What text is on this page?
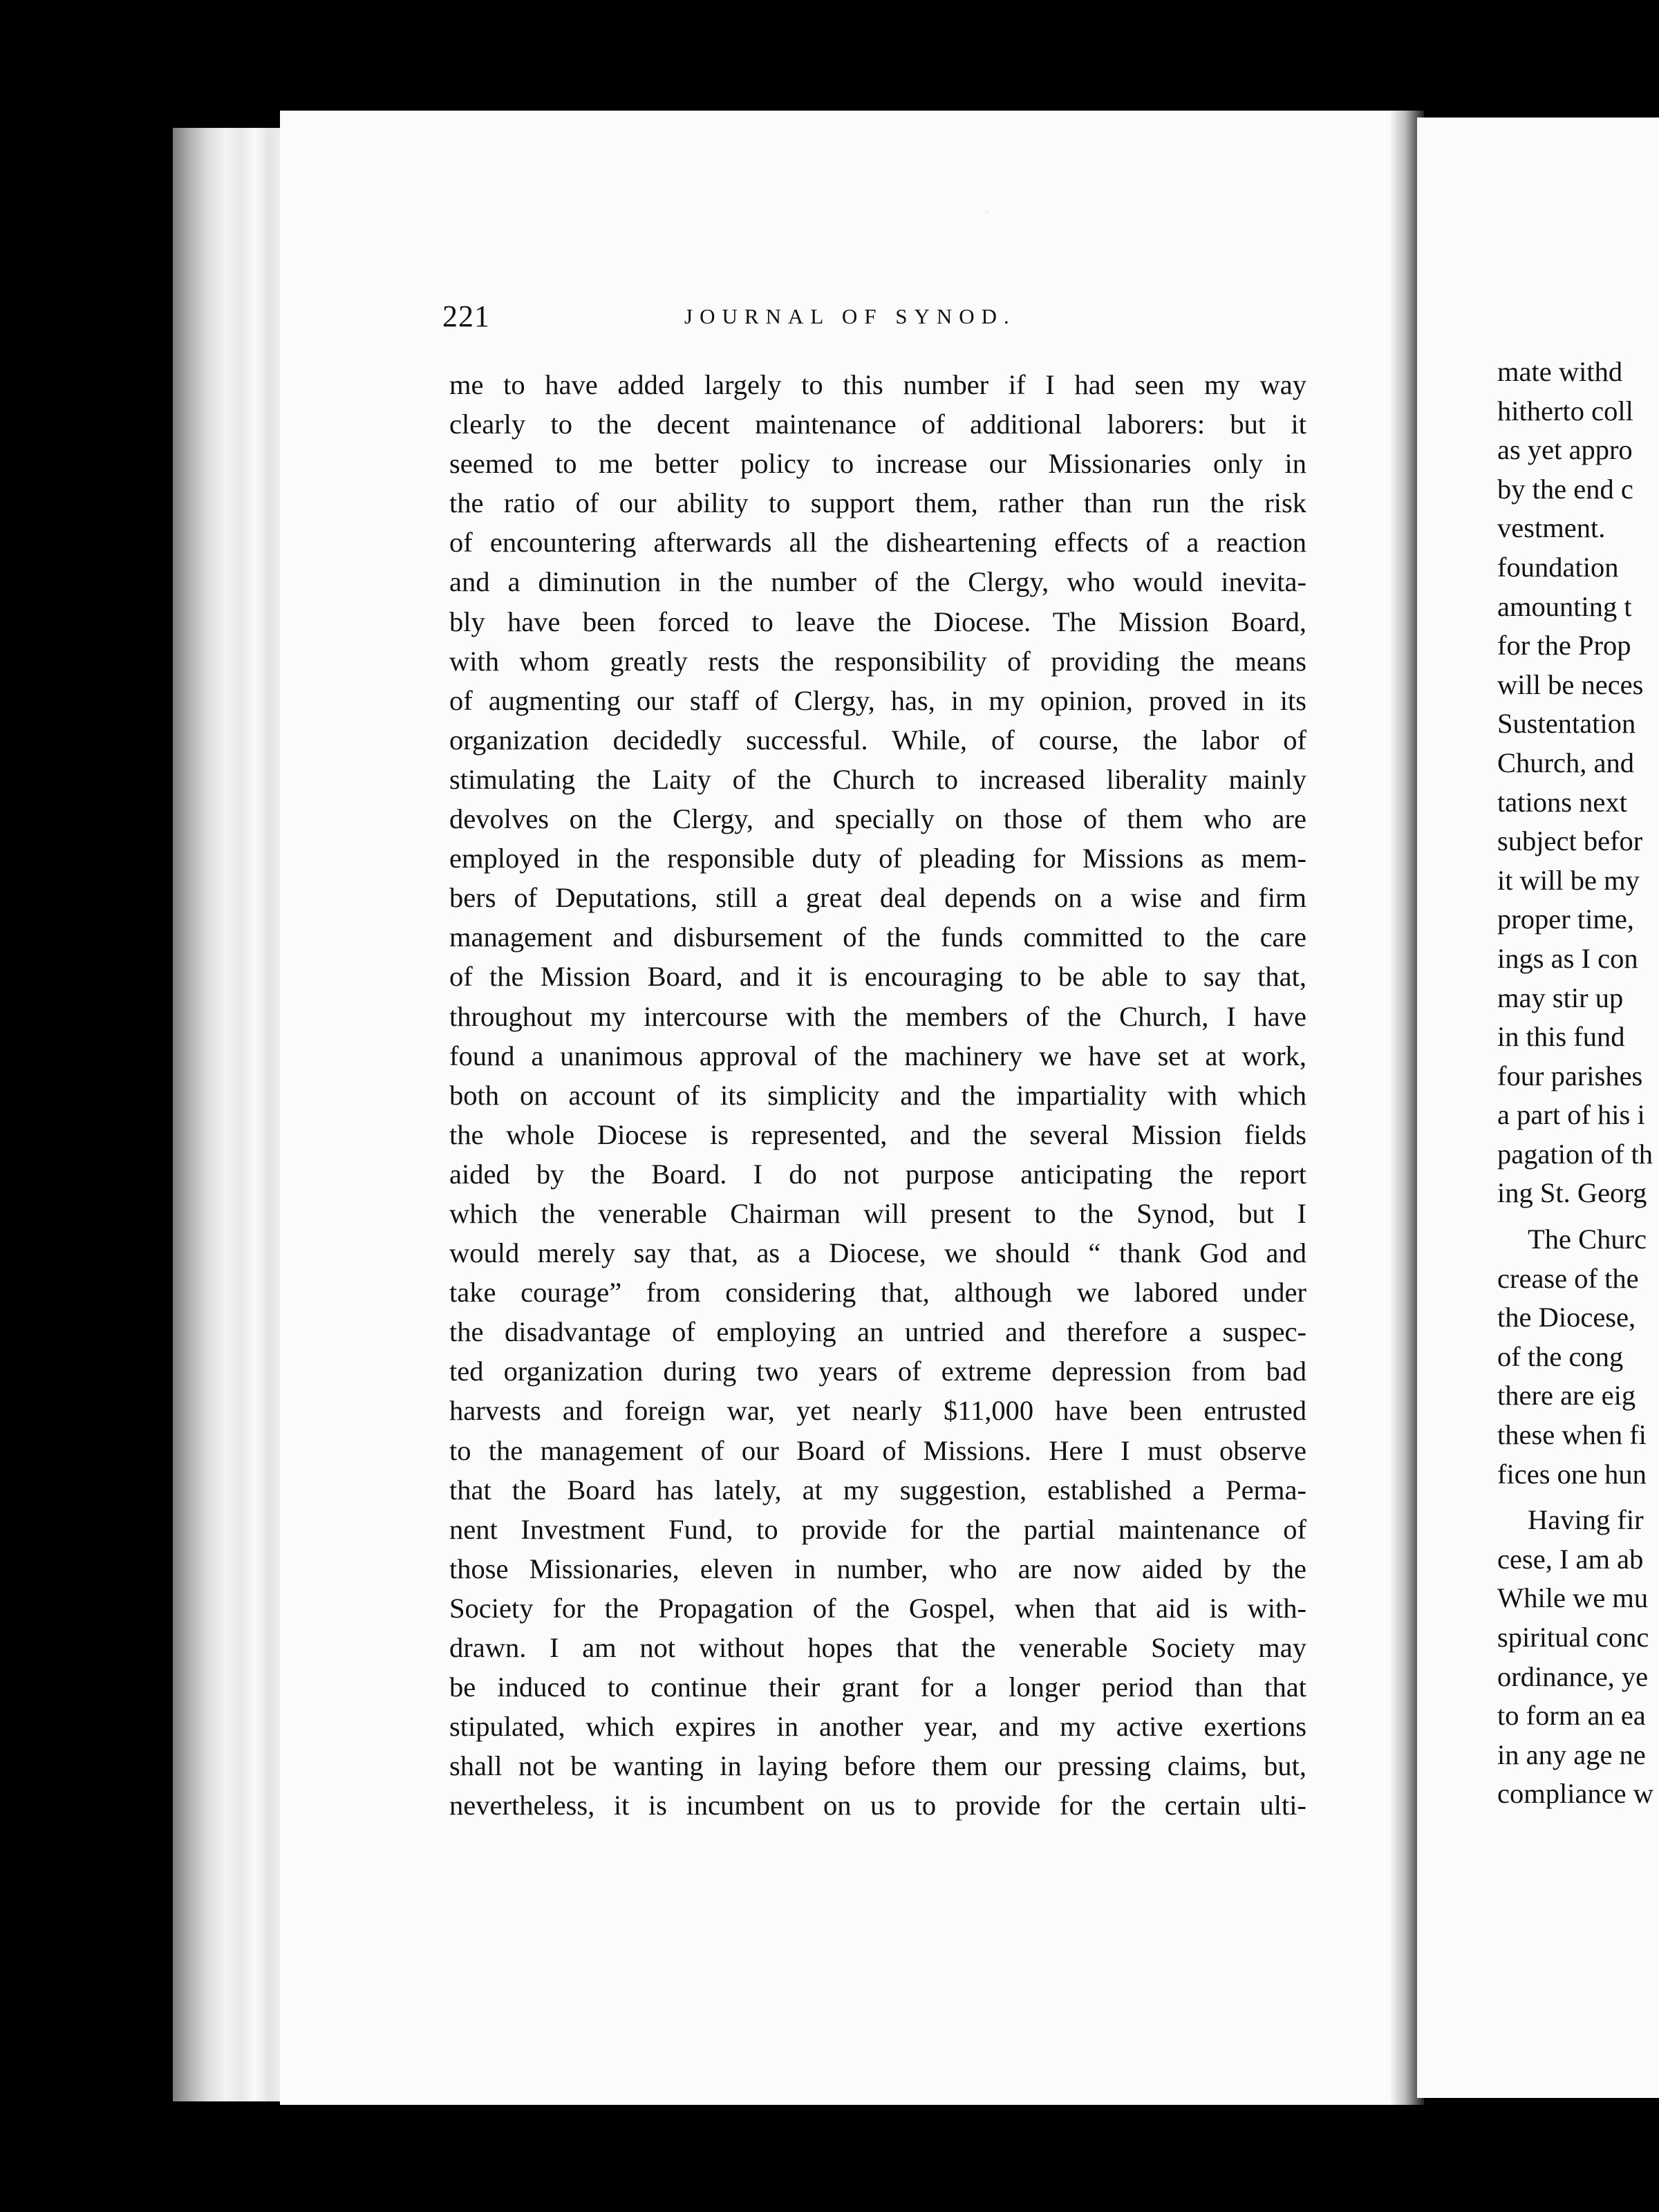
221	JOURNAL OF SYNOD.
me to have added largely to this number if I had seen my way
clearly to the decent maintenance of additional laborers: but it
seemed to me better policy to increase our Missionaries only in
the ratio of our ability to support them, rather than run the risk
of encountering afterwards all the disheartening effects of a reaction
and a diminution in the number of the Clergy, who would inevita-
bly have been forced to leave the Diocese. The Mission Board,
with whom greatly rests the responsibility of providing the means
of augmenting our staff of Clergy, has, in my opinion, proved in its
organization decidedly successful. While, of course, the labor of
stimulating the Laity of the Church to increased liberality mainly
devolves on the Clergy, and specially on those of them who are
employed in the responsible duty of pleading for Missions as mem-
bers of Deputations, still a great deal depends on a wise and firm
management and disbursement of the funds committed to the care
of the Mission Board, and it is encouraging to be able to say that,
throughout my intercourse with the members of the Church, I have
found a unanimous approval of the machinery we have set at work,
both on account of its simplicity and the impartiality with which
the whole Diocese is represented, and the several Mission fields
aided by the Board. I do not purpose anticipating the report
which the venerable Chairman will present to the Synod, but I
would merely say that, as a Diocese, we should “ thank God and
take courage” from considering that, although we labored under
the disadvantage of employing an untried and therefore a suspec-
ted organization during two years of extreme depression from bad
harvests and foreign war, yet nearly $11,000 have been entrusted
to the management of our Board of Missions. Here I must observe
that the Board has lately, at my suggestion, established a Perma-
nent Investment Fund, to provide for the partial maintenance of
those Missionaries, eleven in number, who are now aided by the
Society for the Propagation of the Gospel, when that aid is with-
drawn. I am not without hopes that the venerable Society may
be induced to continue their grant for a longer period than that
stipulated, which expires in another year, and my active exertions
shall not be wanting in laying before them our pressing claims, but,
nevertheless, it is incumbent on us to provide for the certain ulti-
mate withd
hitherto coll
as yet appro
by the end c
vestment.
foundation
amounting t
for the Prop
will be neces
Sustentation
Church, and
tations next
subject befor
it will be my
proper time,
ings as I con
may stir up
in this fund
four parishes
a part of his i
pagation of th
ing St. Georg
The Churc
crease of the
the Diocese,
of the cong
there are eig
these when fi
fices one hun
Having fir
cese, I am ab
While we mu
spiritual conc
ordinance, ye
to form an ea
in any age ne
compliance w
